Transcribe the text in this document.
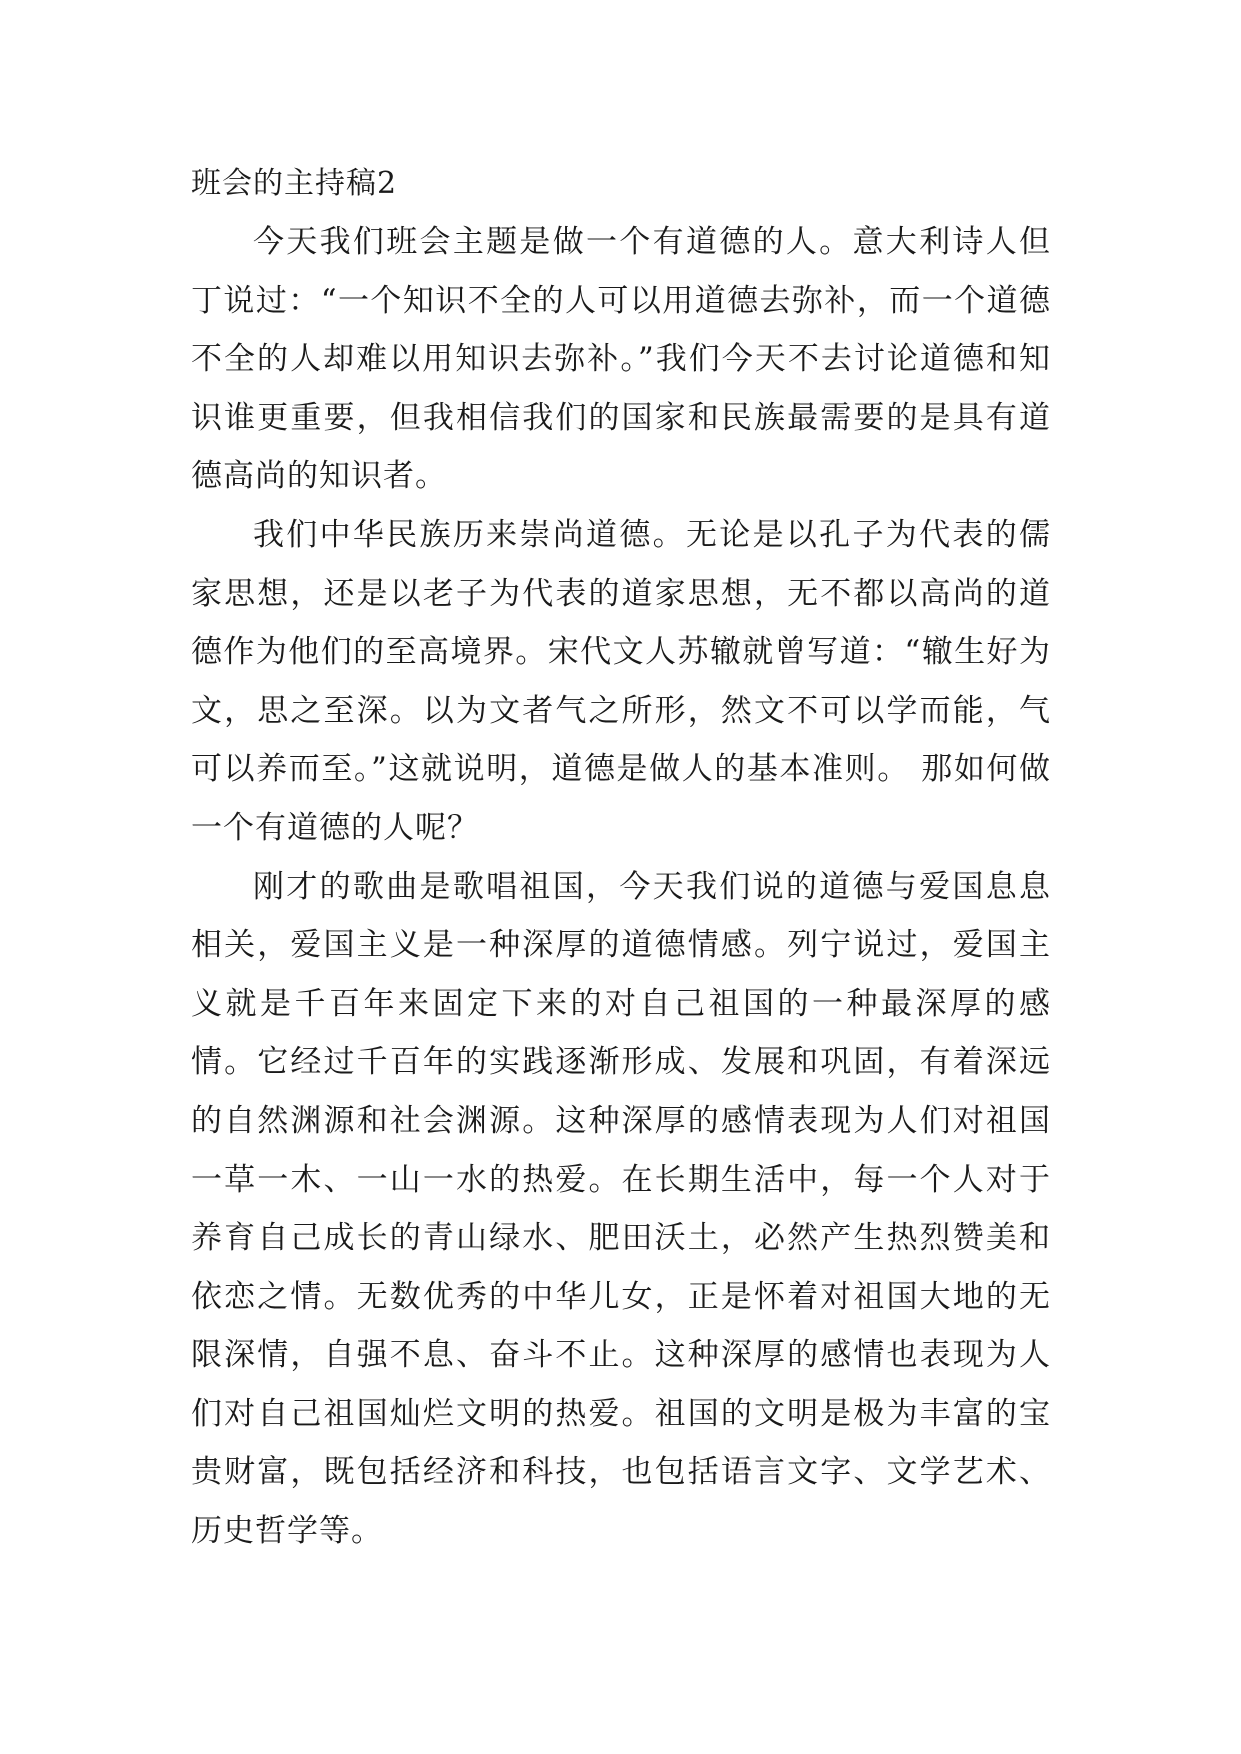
班会的主持稿2

今天我们班会主题是做一个有道德的人。意大利诗人但丁说过：“一个知识不全的人可以用道德去弥补，而一个道德不全的人却难以用知识去弥补。”我们今天不去讨论道德和知识谁更重要，但我相信我们的国家和民族最需要的是具有道德高尚的知识者。

我们中华民族历来崇尚道德。无论是以孔子为代表的儒家思想，还是以老子为代表的道家思想，无不都以高尚的道德作为他们的至高境界。宋代文人苏辙就曾写道：“辙生好为文，思之至深。以为文者气之所形，然文不可以学而能，气可以养而至。”这就说明，道德是做人的基本准则。 那如何做一个有道德的人呢？

刚才的歌曲是歌唱祖国，今天我们说的道德与爱国息息相关，爱国主义是一种深厚的道德情感。列宁说过，爱国主义就是千百年来固定下来的对自己祖国的一种最深厚的感情。它经过千百年的实践逐渐形成、发展和巩固，有着深远的自然渊源和社会渊源。这种深厚的感情表现为人们对祖国一草一木、一山一水的热爱。在长期生活中，每一个人对于养育自己成长的青山绿水、肥田沃土，必然产生热烈赞美和依恋之情。无数优秀的中华儿女，正是怀着对祖国大地的无限深情，自强不息、奋斗不止。这种深厚的感情也表现为人们对自己祖国灿烂文明的热爱。祖国的文明是极为丰富的宝贵财富，既包括经济和科技，也包括语言文字、文学艺术、历史哲学等。
